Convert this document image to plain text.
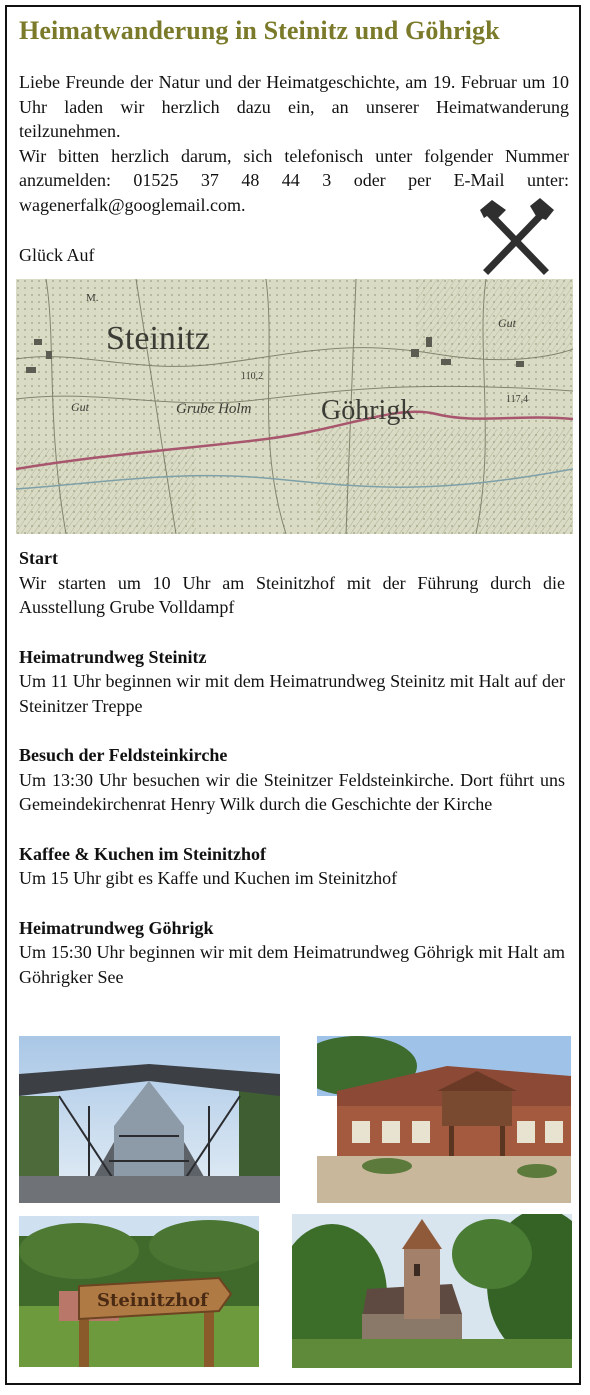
Heimatwanderung in Steinitz und Göhrigk

Liebe Freunde der Natur und der Heimatgeschichte, am 19. Februar um 10 Uhr laden wir herzlich dazu ein, an unserer Heimatwanderung teilzunehmen.

Wir bitten herzlich darum, sich telefonisch unter folgender Nummer anzumelden: 01525 37 48 44 3 oder per E-Mail unter: wagenerfalk@googlemail.com.

Glück Auf

Steinitz
Göhrigk
Grube Holm
110,2
117,4
Gut
Gut
M.
Start

Wir starten um 10 Uhr am Steinitzhof mit der Führung durch die Ausstellung Grube Volldampf

Heimatrundweg Steinitz

Um 11 Uhr beginnen wir mit dem Heimatrundweg Steinitz mit Halt auf der Steinitzer Treppe

Besuch der Feldsteinkirche

Um 13:30 Uhr besuchen wir die Steinitzer Feldsteinkirche. Dort führt uns Gemeindekirchenrat Henry Wilk durch die Geschichte der Kirche

Kaffee & Kuchen im Steinitzhof

Um 15 Uhr gibt es Kaffe und Kuchen im Steinitzhof

Heimatrundweg Göhrigk

Um 15:30 Uhr beginnen wir mit dem Heimatrundweg Göhrigk mit Halt am Göhrigker See

Steinitzhof
